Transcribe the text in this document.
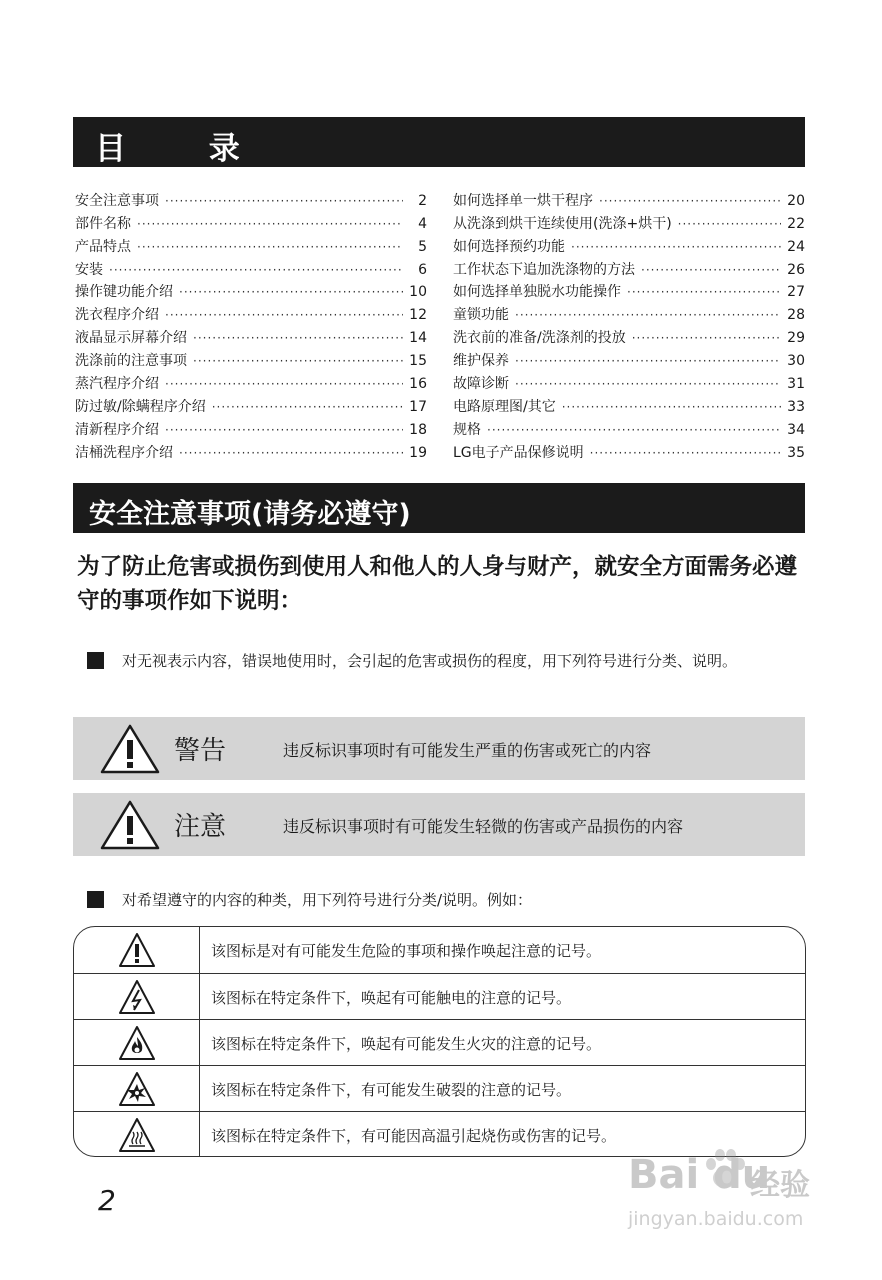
目 录
安全注意事项 ·····	2
部件名称 ·····	4
产品特点 ·····	5
安装 ·····	6
操作键功能介绍 ·····	10
洗衣程序介绍 ·····	12
液晶显示屏幕介绍 ·····	14
洗涤前的注意事项 ·····	15
蒸汽程序介绍 ·····	16
防过敏/除螨程序介绍 ·····	17
清新程序介绍 ·····	18
洁桶洗程序介绍 ·····	19
如何选择单一烘干程序 ·····	20
从洗涤到烘干连续使用(洗涤+烘干) ·····	22
如何选择预约功能 ·····	24
工作状态下追加洗涤物的方法 ·····	26
如何选择单独脱水功能操作 ·····	27
童锁功能 ·····	28
洗衣前的准备/洗涤剂的投放 ·····	29
维护保养 ·····	30
故障诊断 ·····	31
电路原理图/其它 ·····	33
规格 ·····	34
LG电子产品保修说明 ·····	35
安全注意事项(请务必遵守)
为了防止危害或损伤到使用人和他人的人身与财产，就安全方面需务必遵守的事项作如下说明：
对无视表示内容，错误地使用时，会引起的危害或损伤的程度，用下列符号进行分类、说明。
警告	违反标识事项时有可能发生严重的伤害或死亡的内容
注意	违反标识事项时有可能发生轻微的伤害或产品损伤的内容
对希望遵守的内容的种类，用下列符号进行分类/说明。例如：
该图标是对有可能发生危险的事项和操作唤起注意的记号。
该图标在特定条件下，唤起有可能触电的注意的记号。
该图标在特定条件下，唤起有可能发生火灾的注意的记号。
该图标在特定条件下，有可能发生破裂的注意的记号。
该图标在特定条件下，有可能因高温引起烧伤或伤害的记号。
2
Bai du
经验
jingyan.baidu.com
